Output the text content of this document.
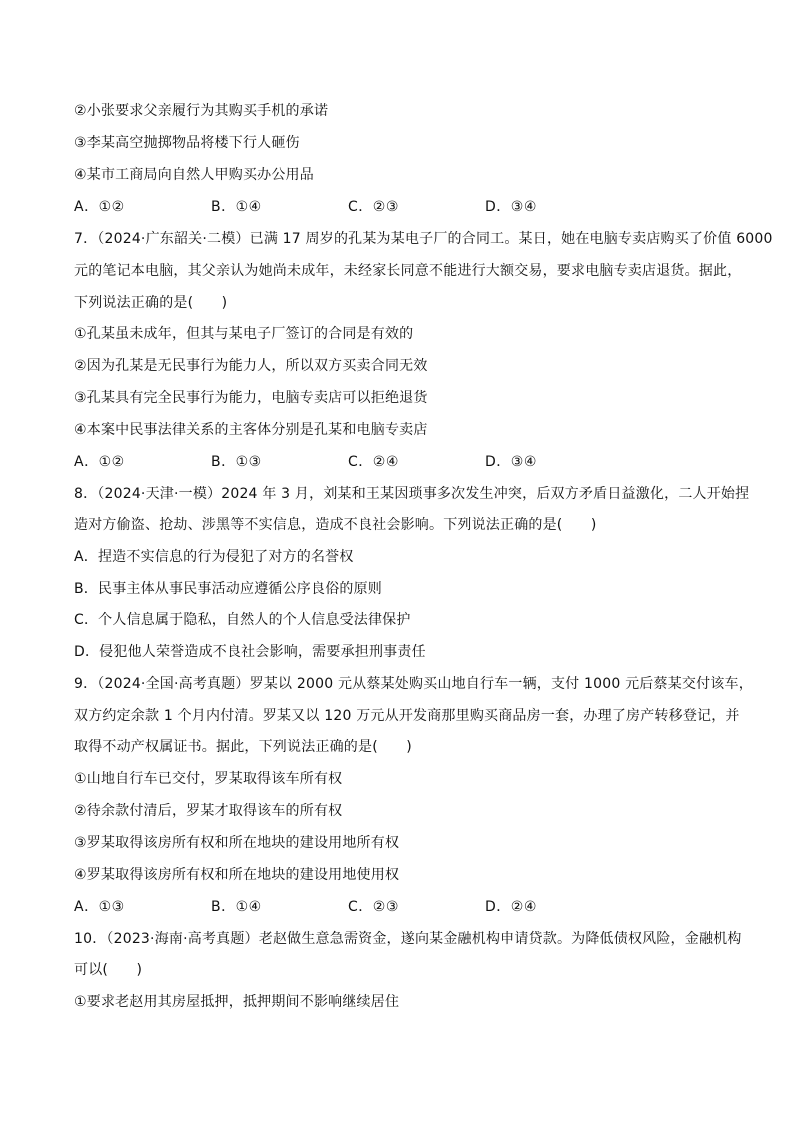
②小张要求父亲履行为其购买手机的承诺
③李某高空抛掷物品将楼下行人砸伤
④某市工商局向自然人甲购买办公用品
A．①②	B．①④	C．②③	D．③④
7．（2024·广东韶关·二模）已满 17 周岁的孔某为某电子厂的合同工。某日，她在电脑专卖店购买了价值 6000
元的笔记本电脑，其父亲认为她尚未成年，未经家长同意不能进行大额交易，要求电脑专卖店退货。据此，
下列说法正确的是(　　)
①孔某虽未成年，但其与某电子厂签订的合同是有效的
②因为孔某是无民事行为能力人，所以双方买卖合同无效
③孔某具有完全民事行为能力，电脑专卖店可以拒绝退货
④本案中民事法律关系的主客体分别是孔某和电脑专卖店
A．①②	B．①③	C．②④	D．③④
8．（2024·天津·一模）2024 年 3 月，刘某和王某因琐事多次发生冲突，后双方矛盾日益激化，二人开始捏
造对方偷盗、抢劫、涉黑等不实信息，造成不良社会影响。下列说法正确的是(　　)
A．捏造不实信息的行为侵犯了对方的名誉权
B．民事主体从事民事活动应遵循公序良俗的原则
C．个人信息属于隐私，自然人的个人信息受法律保护
D．侵犯他人荣誉造成不良社会影响，需要承担刑事责任
9．（2024·全国·高考真题）罗某以 2000 元从蔡某处购买山地自行车一辆，支付 1000 元后蔡某交付该车，
双方约定余款 1 个月内付清。罗某又以 120 万元从开发商那里购买商品房一套，办理了房产转移登记，并
取得不动产权属证书。据此，下列说法正确的是(　　)
①山地自行车已交付，罗某取得该车所有权
②待余款付清后，罗某才取得该车的所有权
③罗某取得该房所有权和所在地块的建设用地所有权
④罗某取得该房所有权和所在地块的建设用地使用权
A．①③	B．①④	C．②③	D．②④
10．（2023·海南·高考真题）老赵做生意急需资金，遂向某金融机构申请贷款。为降低债权风险，金融机构
可以(　　)
①要求老赵用其房屋抵押，抵押期间不影响继续居住
